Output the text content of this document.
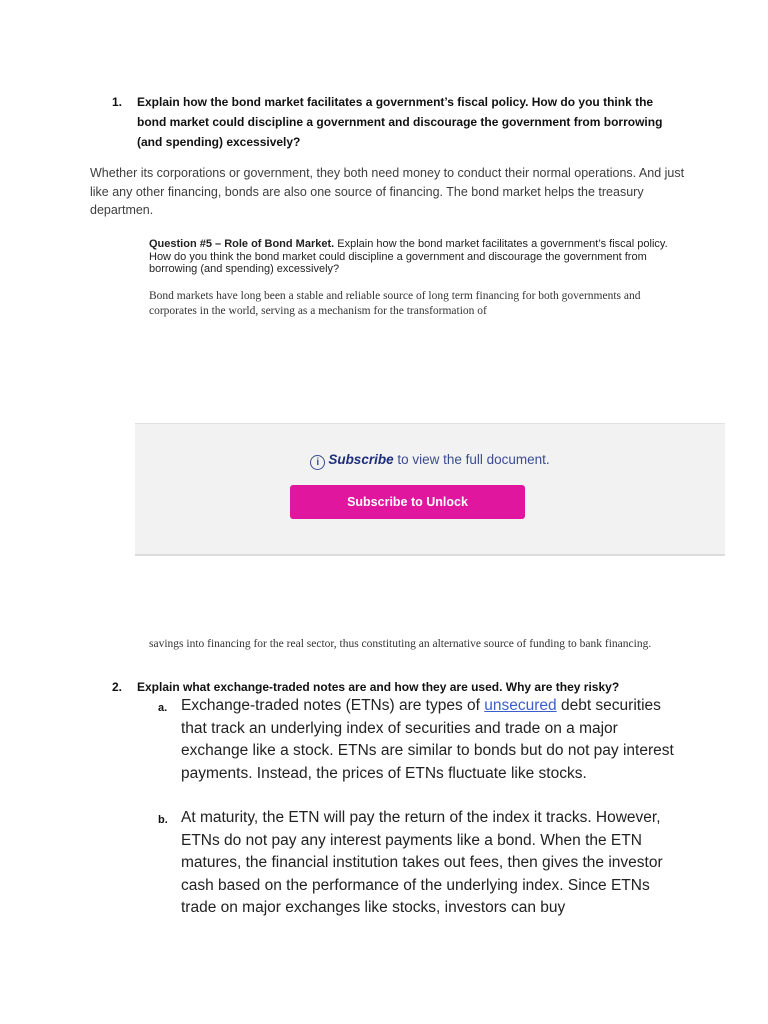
1. Explain how the bond market facilitates a government’s fiscal policy. How do you think the bond market could discipline a government and discourage the government from borrowing (and spending) excessively?
Whether its corporations or government, they both need money to conduct their normal operations. And just like any other financing, bonds are also one source of financing. The bond market helps the treasury departmen.
Question #5 – Role of Bond Market. Explain how the bond market facilitates a government’s fiscal policy. How do you think the bond market could discipline a government and discourage the government from borrowing (and spending) excessively?
Bond markets have long been a stable and reliable source of long term financing for both governments and corporates in the world, serving as a mechanism for the transformation of
i Subscribe to view the full document.
Subscribe to Unlock
savings into financing for the real sector, thus constituting an alternative source of funding to bank financing.
2. Explain what exchange-traded notes are and how they are used. Why are they risky?
a. Exchange-traded notes (ETNs) are types of unsecured debt securities that track an underlying index of securities and trade on a major exchange like a stock. ETNs are similar to bonds but do not pay interest payments. Instead, the prices of ETNs fluctuate like stocks.
b. At maturity, the ETN will pay the return of the index it tracks. However, ETNs do not pay any interest payments like a bond. When the ETN matures, the financial institution takes out fees, then gives the investor cash based on the performance of the underlying index. Since ETNs trade on major exchanges like stocks, investors can buy
